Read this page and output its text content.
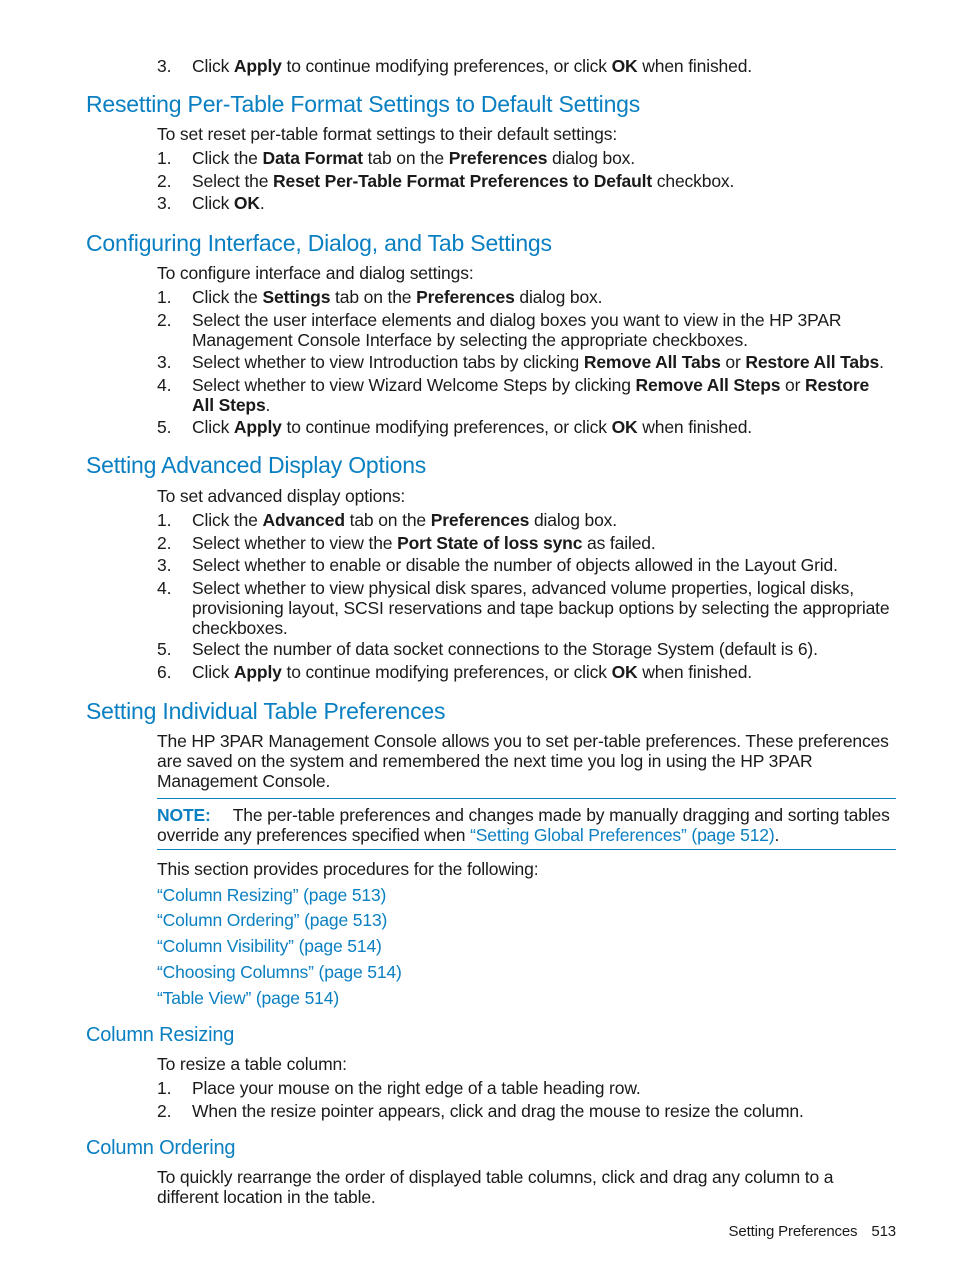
3.	Click Apply to continue modifying preferences, or click OK when finished.
Resetting Per-Table Format Settings to Default Settings
To set reset per-table format settings to their default settings:
1.	Click the Data Format tab on the Preferences dialog box.
2.	Select the Reset Per-Table Format Preferences to Default checkbox.
3.	Click OK.
Configuring Interface, Dialog, and Tab Settings
To configure interface and dialog settings:
1.	Click the Settings tab on the Preferences dialog box.
2.	Select the user interface elements and dialog boxes you want to view in the HP 3PAR Management Console Interface by selecting the appropriate checkboxes.
3.	Select whether to view Introduction tabs by clicking Remove All Tabs or Restore All Tabs.
4.	Select whether to view Wizard Welcome Steps by clicking Remove All Steps or Restore All Steps.
5.	Click Apply to continue modifying preferences, or click OK when finished.
Setting Advanced Display Options
To set advanced display options:
1.	Click the Advanced tab on the Preferences dialog box.
2.	Select whether to view the Port State of loss sync as failed.
3.	Select whether to enable or disable the number of objects allowed in the Layout Grid.
4.	Select whether to view physical disk spares, advanced volume properties, logical disks, provisioning layout, SCSI reservations and tape backup options by selecting the appropriate checkboxes.
5.	Select the number of data socket connections to the Storage System (default is 6).
6.	Click Apply to continue modifying preferences, or click OK when finished.
Setting Individual Table Preferences
The HP 3PAR Management Console allows you to set per-table preferences. These preferences are saved on the system and remembered the next time you log in using the HP 3PAR Management Console.
NOTE: The per-table preferences and changes made by manually dragging and sorting tables override any preferences specified when “Setting Global Preferences” (page 512).
This section provides procedures for the following:
“Column Resizing” (page 513)
“Column Ordering” (page 513)
“Column Visibility” (page 514)
“Choosing Columns” (page 514)
“Table View” (page 514)
Column Resizing
To resize a table column:
1.	Place your mouse on the right edge of a table heading row.
2.	When the resize pointer appears, click and drag the mouse to resize the column.
Column Ordering
To quickly rearrange the order of displayed table columns, click and drag any column to a different location in the table.
Setting Preferences 513
